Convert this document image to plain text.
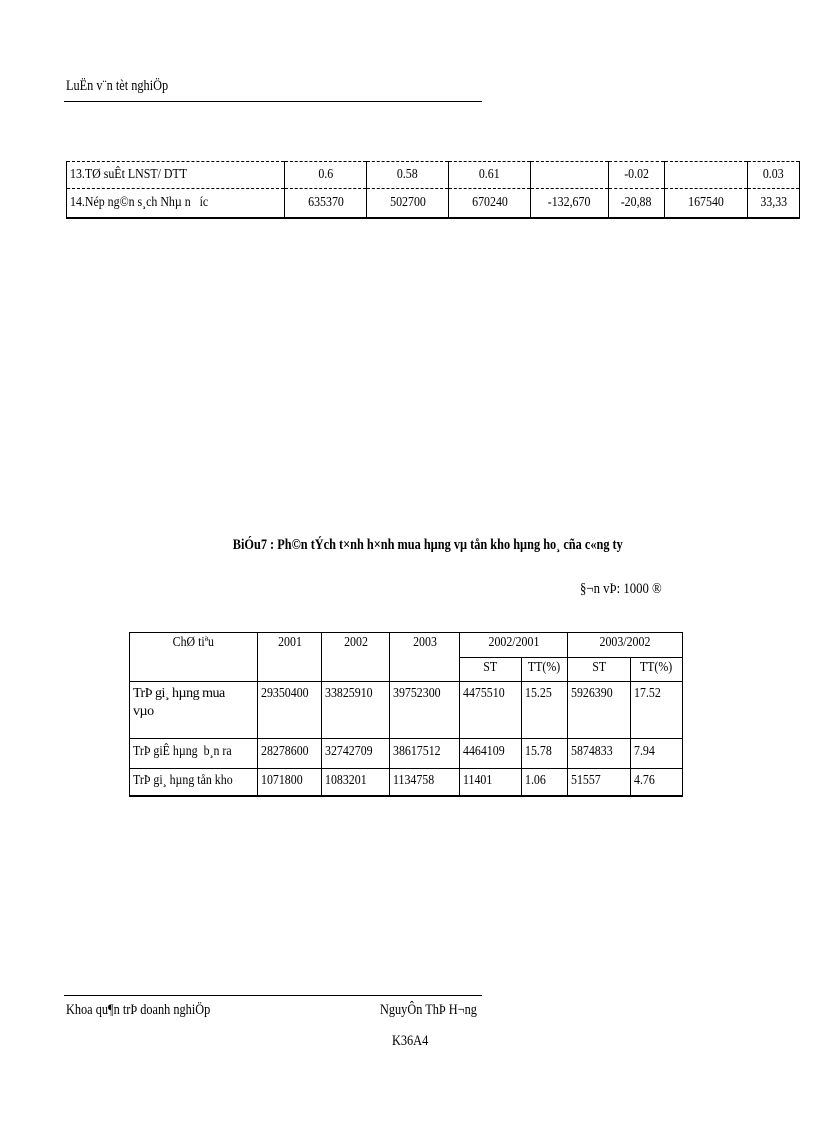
LuËn v¨n tèt nghiÖp
13.TØ suÊt LNST/ DTT	0.6	0.58	0.61		-0.02		0.03
14.Nép ng©n s¸ch Nhµ n   íc	635370	502700	670240	-132,670	-20,88	167540	33,33
BiÓu7 : Ph©n tÝch t×nh h×nh mua hµng vµ tån kho hµng ho¸ cña c«ng ty
§¬n vÞ: 1000 ®
ChØ tiªu	2001	2002	2003	2002/2001		2003/2002	
				ST	TT(%)	ST	TT(%)

TrÞ gi¸ hµng mua vµo	29350400	33825910	39752300	4475510	15.25	5926390	17.52
TrÞ giÊ hµng  b¸n ra	28278600	32742709	38617512	4464109	15.78	5874833	7.94
TrÞ gi¸ hµng tån kho	1071800	1083201	1134758	11401	1.06	51557	4.76
Khoa qu¶n trÞ doanh nghiÖp	NguyÔn ThÞ H¬ng
K36A4
